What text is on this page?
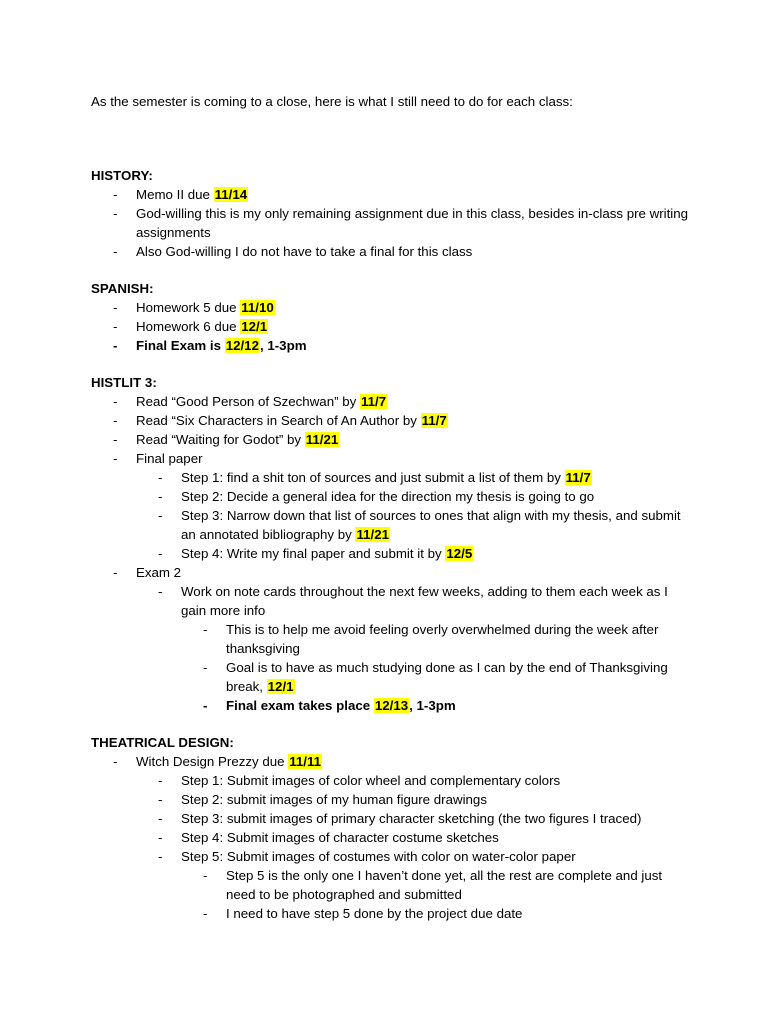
As the semester is coming to a close, here is what I still need to do for each class:

HISTORY:

- Memo II due 11/14
- God-willing this is my only remaining assignment due in this class, besides in-class pre writing assignments
- Also God-willing I do not have to take a final for this class

SPANISH:

- Homework 5 due 11/10
- Homework 6 due 12/1
- Final Exam is 12/12, 1-3pm

HISTLIT 3:

- Read “Good Person of Szechwan” by 11/7
- Read “Six Characters in Search of An Author by 11/7
- Read “Waiting for Godot” by 11/21
- Final paper
- Step 1: find a shit ton of sources and just submit a list of them by 11/7
- Step 2: Decide a general idea for the direction my thesis is going to go
- Step 3: Narrow down that list of sources to ones that align with my thesis, and submit an annotated bibliography by 11/21
- Step 4: Write my final paper and submit it by 12/5
- Exam 2
- Work on note cards throughout the next few weeks, adding to them each week as I gain more info
- This is to help me avoid feeling overly overwhelmed during the week after thanksgiving
- Goal is to have as much studying done as I can by the end of Thanksgiving break, 12/1
- Final exam takes place 12/13, 1-3pm

THEATRICAL DESIGN:

- Witch Design Prezzy due 11/11
- Step 1: Submit images of color wheel and complementary colors
- Step 2: submit images of my human figure drawings
- Step 3: submit images of primary character sketching (the two figures I traced)
- Step 4: Submit images of character costume sketches
- Step 5: Submit images of costumes with color on water-color paper
- Step 5 is the only one I haven’t done yet, all the rest are complete and just need to be photographed and submitted
- I need to have step 5 done by the project due date
